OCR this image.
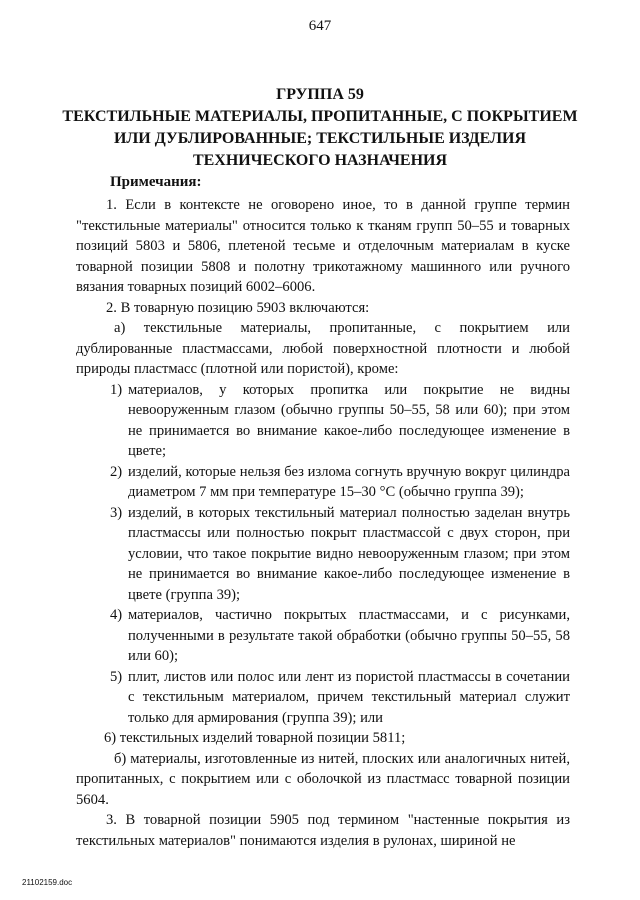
647
ГРУППА 59
ТЕКСТИЛЬНЫЕ МАТЕРИАЛЫ, ПРОПИТАННЫЕ, С ПОКРЫТИЕМ
ИЛИ ДУБЛИРОВАННЫЕ; ТЕКСТИЛЬНЫЕ ИЗДЕЛИЯ
ТЕХНИЧЕСКОГО НАЗНАЧЕНИЯ
Примечания:

1. Если в контексте не оговорено иное, то в данной группе термин "текстильные материалы" относится только к тканям групп 50–55 и товарных позиций 5803 и 5806, плетеной тесьме и отделочным материалам в куске товарной позиции 5808 и полотну трикотажному машинного или ручного вязания товарных позиций 6002–6006.

2. В товарную позицию 5903 включаются:

а) текстильные материалы, пропитанные, с покрытием или дублированные пластмассами, любой поверхностной плотности и любой природы пластмасс (плотной или пористой), кроме:

1) материалов, у которых пропитка или покрытие не видны невооруженным глазом (обычно группы 50–55, 58 или 60); при этом не принимается во внимание какое-либо последующее изменение в цвете;

2) изделий, которые нельзя без излома согнуть вручную вокруг цилиндра диаметром 7 мм при температуре 15–30 °С (обычно группа 39);

3) изделий, в которых текстильный материал полностью заделан внутрь пластмассы или полностью покрыт пластмассой с двух сторон, при условии, что такое покрытие видно невооруженным глазом; при этом не принимается во внимание какое-либо последующее изменение в цвете (группа 39);

4) материалов, частично покрытых пластмассами, и с рисунками, полученными в результате такой обработки (обычно группы 50–55, 58 или 60);

5) плит, листов или полос или лент из пористой пластмассы в сочетании с текстильным материалом, причем текстильный материал служит только для армирования (группа 39); или

6) текстильных изделий товарной позиции 5811;

б) материалы, изготовленные из нитей, плоских или аналогичных нитей, пропитанных, с покрытием или с оболочкой из пластмасс товарной позиции 5604.

3. В товарной позиции 5905 под термином "настенные покрытия из текстильных материалов" понимаются изделия в рулонах, шириной не

21102159.doc
